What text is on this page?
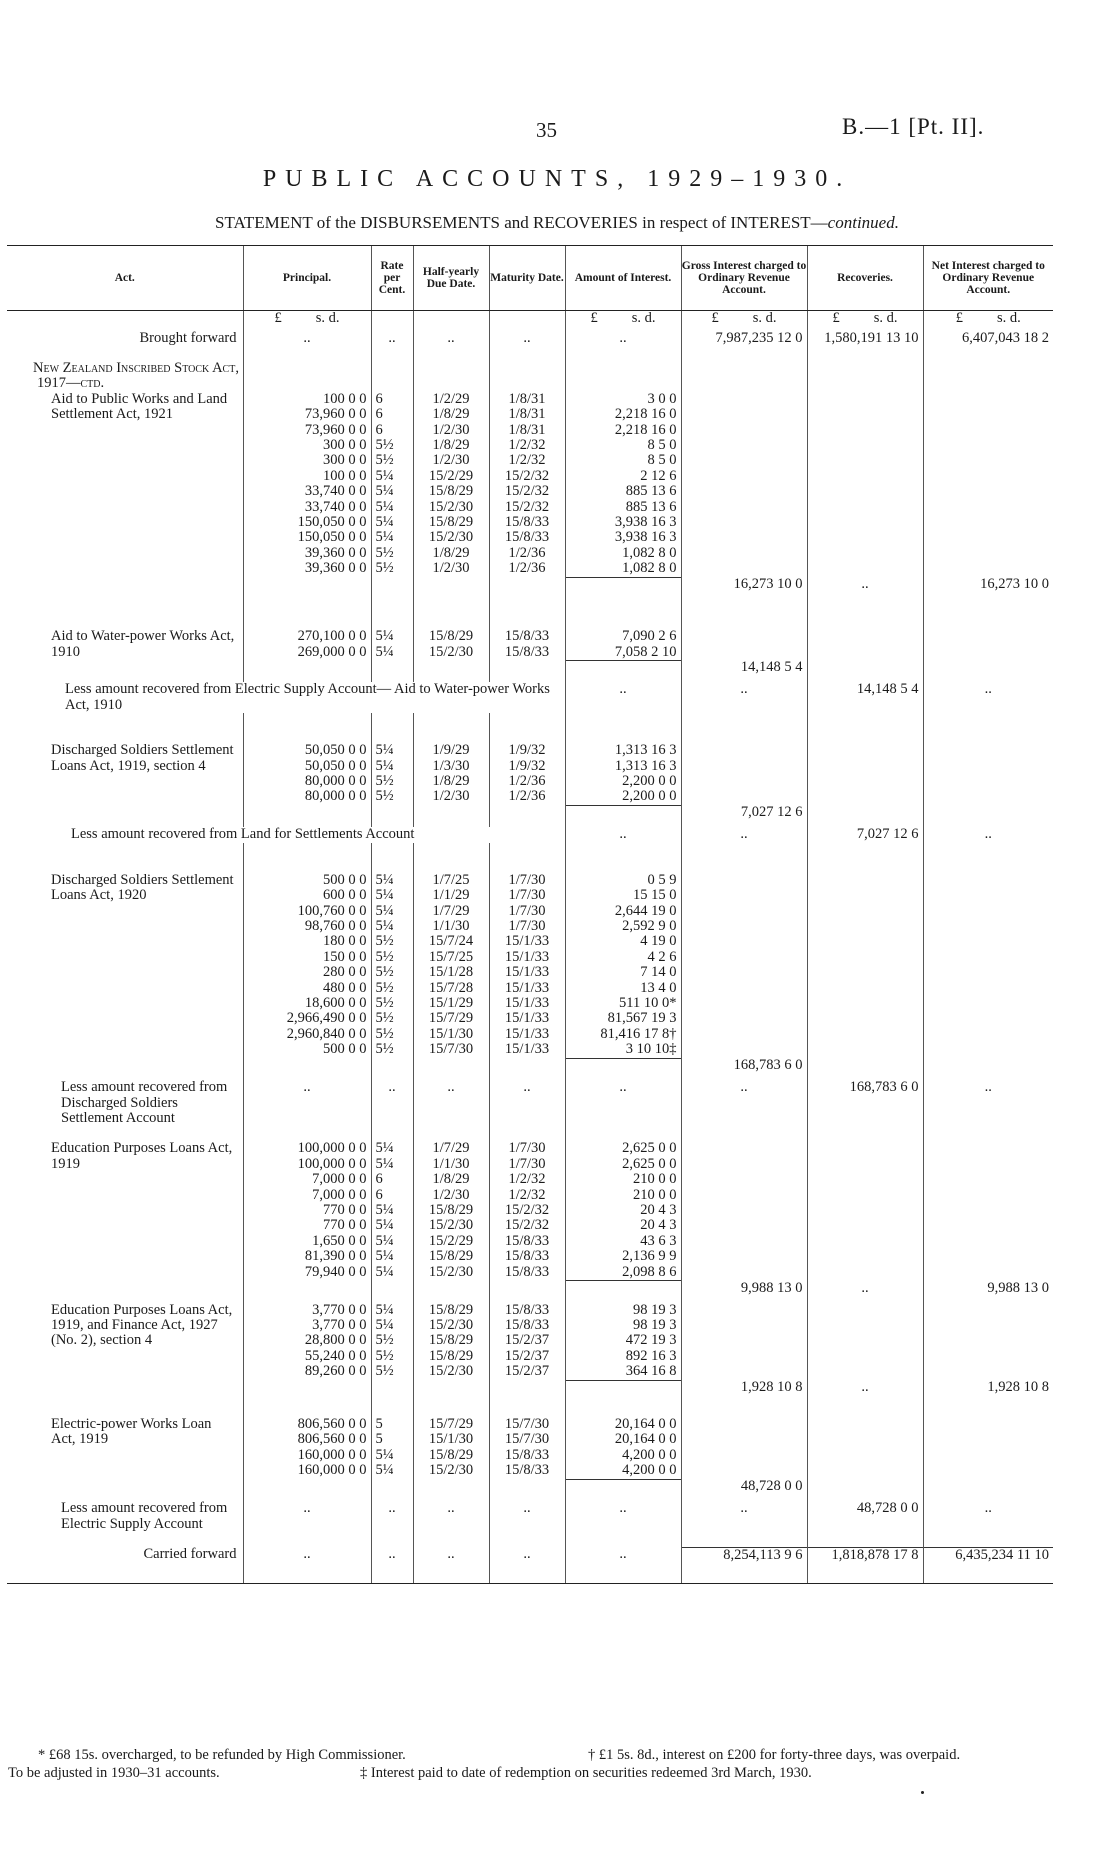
35	B.—1 [Pt. II].
PUBLIC ACCOUNTS, 1929–1930.
STATEMENT of the DISBURSEMENTS and RECOVERIES in respect of INTEREST—continued.
Act.	Principal.	Rate per Cent.	Half-yearly Due Date.	Maturity Date.	Amount of Interest.	Gross Interest charged to Ordinary Revenue Account.	Recoveries.	Net Interest charged to Ordinary Revenue Account.
	£ s. d.				£ s. d.	£ s. d.	£ s. d.	£ s. d.
Brought forward	..	..	..	..	..	7,987,235 12 0	1,580,191 13 10	6,407,043 18 2

New Zealand Inscribed Stock Act, 1917—ctd.								
Aid to Public Works and Land Settlement Act, 1921	100 0 0	6	1/2/29	1/8/31	3 0 0			
	73,960 0 0	6	1/8/29	1/8/31	2,218 16 0			
	73,960 0 0	6	1/2/30	1/8/31	2,218 16 0			
	300 0 0	5½	1/8/29	1/2/32	8 5 0			
	300 0 0	5½	1/2/30	1/2/32	8 5 0			
	100 0 0	5¼	15/2/29	15/2/32	2 12 6			
	33,740 0 0	5¼	15/8/29	15/2/32	885 13 6			
	33,740 0 0	5¼	15/2/30	15/2/32	885 13 6			
	150,050 0 0	5¼	15/8/29	15/8/33	3,938 16 3			
	150,050 0 0	5¼	15/2/30	15/8/33	3,938 16 3			
	39,360 0 0	5½	1/8/29	1/2/36	1,082 8 0			
	39,360 0 0	5½	1/2/30	1/2/36	1,082 8 0			
						16,273 10 0	..	16,273 10 0

Aid to Water-power Works Act, 1910	270,100 0 0	5¼	15/8/29	15/8/33	7,090 2 6			
	269,000 0 0	5¼	15/2/30	15/8/33	7,058 2 10			
						14,148 5 4		
Less amount recovered from Electric Supply Account— Aid to Water-power Works Act, 1910					..	..	14,148 5 4	..

Discharged Soldiers Settlement Loans Act, 1919, section 4	50,050 0 0	5¼	1/9/29	1/9/32	1,313 16 3			
	50,050 0 0	5¼	1/3/30	1/9/32	1,313 16 3			
	80,000 0 0	5½	1/8/29	1/2/36	2,200 0 0			
	80,000 0 0	5½	1/2/30	1/2/36	2,200 0 0			
						7,027 12 6		
Less amount recovered from Land for Settlements Account					..	..	7,027 12 6	..

Discharged Soldiers Settlement Loans Act, 1920	500 0 0	5¼	1/7/25	1/7/30	0 5 9			
	600 0 0	5¼	1/1/29	1/7/30	15 15 0			
	100,760 0 0	5¼	1/7/29	1/7/30	2,644 19 0			
	98,760 0 0	5¼	1/1/30	1/7/30	2,592 9 0			
	180 0 0	5½	15/7/24	15/1/33	4 19 0			
	150 0 0	5½	15/7/25	15/1/33	4 2 6			
	280 0 0	5½	15/1/28	15/1/33	7 14 0			
	480 0 0	5½	15/7/28	15/1/33	13 4 0			
	18,600 0 0	5½	15/1/29	15/1/33	511 10 0*			
	2,966,490 0 0	5½	15/7/29	15/1/33	81,567 19 3			
	2,960,840 0 0	5½	15/1/30	15/1/33	81,416 17 8†			
	500 0 0	5½	15/7/30	15/1/33	3 10 10‡			
						168,783 6 0		
Less amount recovered from Discharged Soldiers Settlement Account	..	..	..	..	..	..	168,783 6 0	..

Education Purposes Loans Act, 1919	100,000 0 0	5¼	1/7/29	1/7/30	2,625 0 0			
	100,000 0 0	5¼	1/1/30	1/7/30	2,625 0 0			
	7,000 0 0	6	1/8/29	1/2/32	210 0 0			
	7,000 0 0	6	1/2/30	1/2/32	210 0 0			
	770 0 0	5¼	15/8/29	15/2/32	20 4 3			
	770 0 0	5¼	15/2/30	15/2/32	20 4 3			
	1,650 0 0	5¼	15/2/29	15/8/33	43 6 3			
	81,390 0 0	5¼	15/8/29	15/8/33	2,136 9 9			
	79,940 0 0	5¼	15/2/30	15/8/33	2,098 8 6			
						9,988 13 0	..	9,988 13 0
Education Purposes Loans Act, 1919, and Finance Act, 1927 (No. 2), section 4	3,770 0 0	5¼	15/8/29	15/8/33	98 19 3			
	3,770 0 0	5¼	15/2/30	15/8/33	98 19 3			
	28,800 0 0	5½	15/8/29	15/2/37	472 19 3			
	55,240 0 0	5½	15/8/29	15/2/37	892 16 3			
	89,260 0 0	5½	15/2/30	15/2/37	364 16 8			
						1,928 10 8	..	1,928 10 8

Electric-power Works Loan Act, 1919	806,560 0 0	5	15/7/29	15/7/30	20,164 0 0			
	806,560 0 0	5	15/1/30	15/7/30	20,164 0 0			
	160,000 0 0	5¼	15/8/29	15/8/33	4,200 0 0			
	160,000 0 0	5¼	15/2/30	15/8/33	4,200 0 0			
						48,728 0 0		
Less amount recovered from Electric Supply Account	..	..	..	..	..	..	48,728 0 0	..

Carried forward	..	..	..	..	..	8,254,113 9 6	1,818,878 17 8	6,435,234 11 10

* £68 15s. overcharged, to be refunded by High Commissioner.	† £1 5s. 8d., interest on £200 for forty-three days, was overpaid.
To be adjusted in 1930–31 accounts.	‡ Interest paid to date of redemption on securities redeemed 3rd March, 1930.
